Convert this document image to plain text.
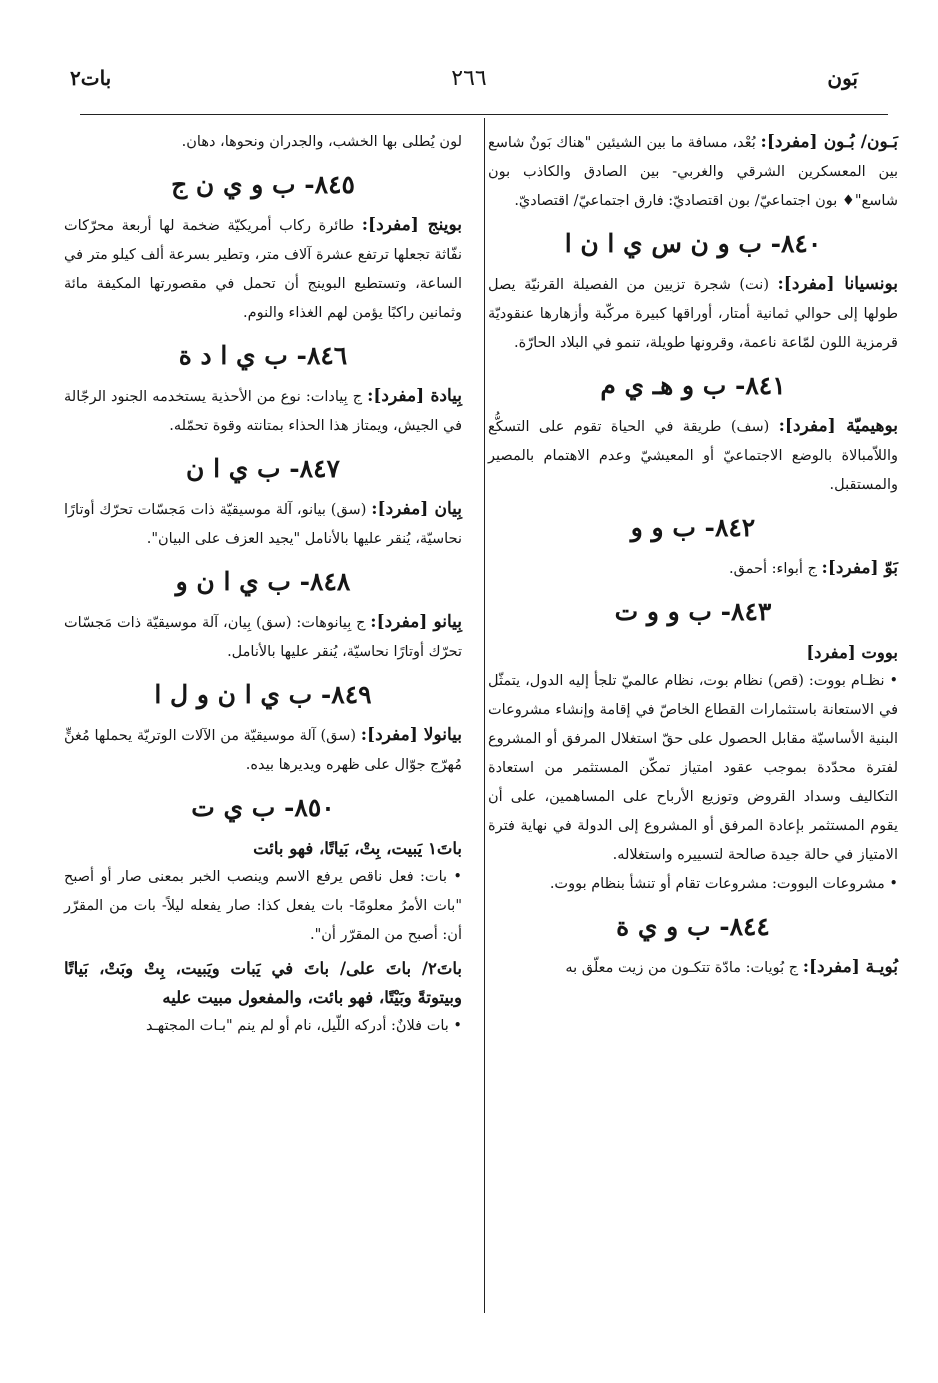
بَون
٢٦٦
بات٢

بَـون/ بُـون [مفرد]: بُعْد، مسافة ما بين الشيئين "هناك بَونٌ شاسع بين المعسكرين الشرقي والغربي- بين الصادق والكاذب بون شاسع"♦ بون اجتماعيّ/ بون اقتصاديّ: فارق اجتماعيّ/ اقتصاديّ.

٨٤٠- ب و ن س ي ا ن ا

بونسيانا [مفرد]: (نت) شجرة تزيين من الفصيلة القرنيّة يصل طولها إلى حوالي ثمانية أمتار، أوراقها كبيرة مركّبة وأزهارها عنقوديّة قرمزية اللون لمّاعة ناعمة، وقرونها طويلة، تنمو في البلاد الحارّة.

٨٤١- ب و هـ ي م

بوهيميّة [مفرد]: (سف) طريقة في الحياة تقوم على التسكُّع واللاّمبالاة بالوضع الاجتماعيّ أو المعيشيّ وعدم الاهتمام بالمصير والمستقبل.

٨٤٢- ب و و

بَوّ [مفرد]: ج أبواء: أحمق.

٨٤٣- ب و و ت
بووت [مفرد]

• نظـام بووت: (قص) نظام بوت، نظام عالميّ تلجأ إليه الدول، يتمثّل في الاستعانة باستثمارات القطاع الخاصّ في إقامة وإنشاء مشروعات البنية الأساسيّة مقابل الحصول على حقّ استغلال المرفق أو المشروع لفترة محدّدة بموجب عقود امتياز تمكّن المستثمر من استعادة التكاليف وسداد القروض وتوزيع الأرباح على المساهمين، على أن يقوم المستثمر بإعادة المرفق أو المشروع إلى الدولة في نهاية فترة الامتياز في حالة جيدة صالحة لتسييره واستغلاله.

• مشروعات البووت: مشروعات تقام أو تنشأ بنظام بووت.

٨٤٤- ب و ي ة

بُويـة [مفرد]: ج بُويات: مادّة تتكـون من زيت معلّق به

لون يُطلى بها الخشب، والجدران ونحوها، دهان.

٨٤٥- ب و ي ن ج

بوينج [مفرد]: طائرة ركاب أمريكيّة ضخمة لها أربعة محرّكات نفّاثة تجعلها ترتفع عشرة آلاف متر، وتطير بسرعة ألف كيلو متر في الساعة، وتستطيع البوينج أن تحمل في مقصورتها المكيفة مائة وثمانين راكبًا يؤمن لهم الغذاء والنوم.

٨٤٦- ب ي ا د ة

بِيادة [مفرد]: ج بِيادات: نوع من الأحذية يستخدمه الجنود الرجّالة في الجيش، ويمتاز هذا الحذاء بمتانته وقوة تحمّله.

٨٤٧- ب ي ا ن

بِيان [مفرد]: (سق) بيانو، آلة موسيقيّة ذات مَجسّات تحرّك أوتارًا نحاسيّة، يُنقر عليها بالأنامل "يجيد العزف على البيان".

٨٤٨- ب ي ا ن و

بِيانو [مفرد]: ج بِيانوهات: (سق) بِيان، آلة موسيقيّة ذات مَجسّات تحرّك أوتارًا نحاسيّة، يُنقر عليها بالأنامل.

٨٤٩- ب ي ا ن و ل ا

بيانولا [مفرد]: (سق) آلة موسيقيّة من الآلات الوتريّة يحملها مُغنٍّ مُهرّج جوّال على ظهره ويديرها بيده.

٨٥٠- ب ي ت
باتَ١ يَبيت، بِتْ، بَياتًا، فهو بائت

• بات: فعل ناقص يرفع الاسم وينصب الخبر بمعنى صار أو أصبح "بات الأمرُ معلومًا- بات يفعل كذا: صار يفعله ليلاً- بات من المقرّر أن: أصبح من المقرّر أن".

باتَ٢/ باتَ على/ باتَ في يَبات ويَبيت، بِتْ وبَتْ، بَياتًا وبيتوتةً وبَيْتًا، فهو بائت، والمفعول مبيت عليه

• بات فلانٌ: أدركه اللّيل، نام أو لم ينم "بـات المجتهـد
